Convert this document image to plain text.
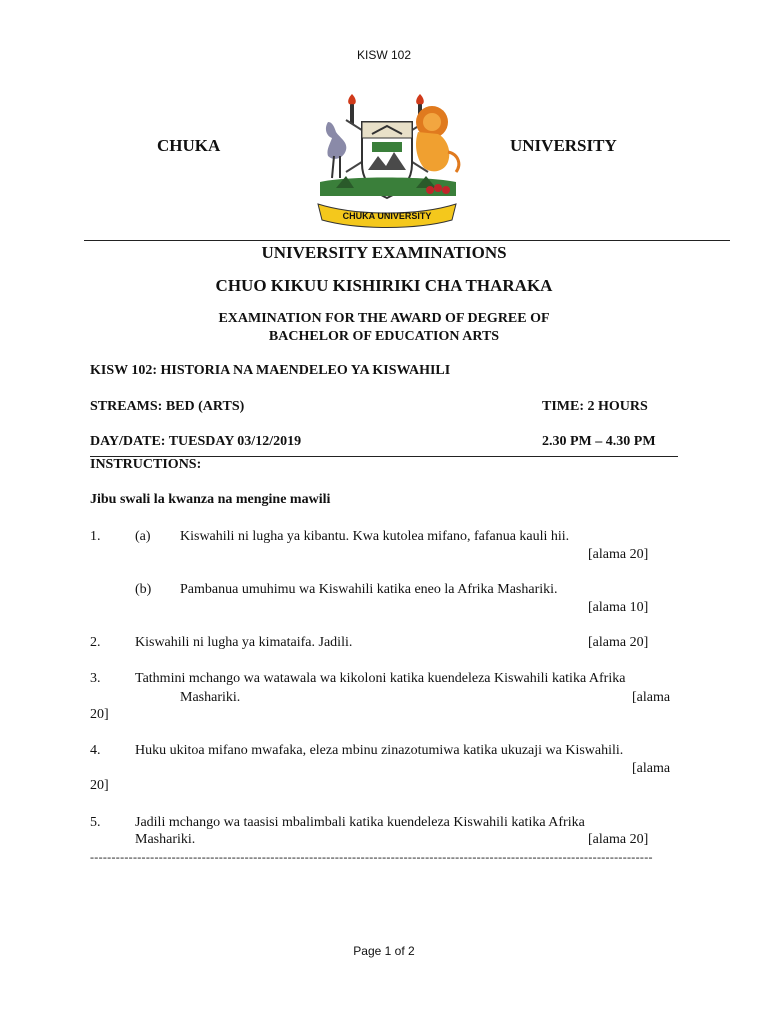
KISW 102
CHUKA	UNIVERSITY
CHUKA UNIVERSITY
UNIVERSITY EXAMINATIONS
CHUO KIKUU KISHIRIKI CHA THARAKA
EXAMINATION FOR THE AWARD OF DEGREE OF
BACHELOR OF EDUCATION ARTS
KISW 102: HISTORIA NA MAENDELEO YA KISWAHILI
STREAMS: BED (ARTS)	TIME: 2 HOURS
DAY/DATE: TUESDAY 03/12/2019	2.30 PM – 4.30 PM
INSTRUCTIONS:
Jibu swali la kwanza na mengine mawili
1. (a) Kiswahili ni lugha ya kibantu. Kwa kutolea mifano, fafanua kauli hii.
[alama 20]
(b) Pambanua umuhimu wa Kiswahili katika eneo la Afrika Mashariki.
[alama 10]
2. Kiswahili ni lugha ya kimataifa. Jadili.	[alama 20]
3. Tathmini mchango wa watawala wa kikoloni katika kuendeleza Kiswahili katika Afrika
Mashariki.	[alama
20]
4. Huku ukitoa mifano mwafaka, eleza mbinu zinazotumiwa katika ukuzaji wa Kiswahili.
[alama
20]
5. Jadili mchango wa taasisi mbalimbali katika kuendeleza Kiswahili katika Afrika
Mashariki.	[alama 20]
-----------------------------------------------------------------------------------------------------------------------------------
Page 1 of 2
